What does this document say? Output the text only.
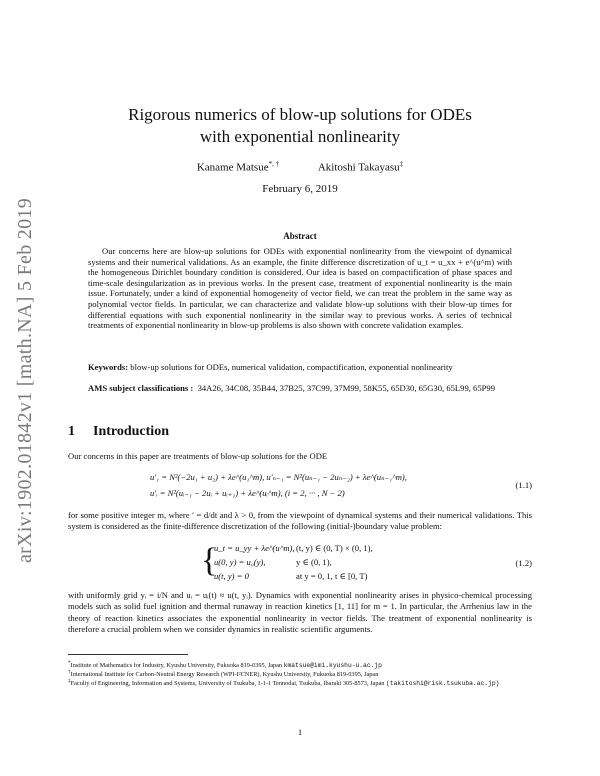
arXiv:1902.01842v1 [math.NA] 5 Feb 2019
Rigorous numerics of blow-up solutions for ODEs
with exponential nonlinearity
Kaname Matsue*, †	Akitoshi Takayasu‡
February 6, 2019
Abstract
Our concerns here are blow-up solutions for ODEs with exponential nonlinearity from the viewpoint of dynamical systems and their numerical validations. As an example, the finite difference discretization of u_t = u_xx + e^(u^m) with the homogeneous Dirichlet boundary condition is considered. Our idea is based on compactification of phase spaces and time-scale desingularization as in previous works. In the present case, treatment of exponential nonlinearity is the main issue. Fortunately, under a kind of exponential homogeneity of vector field, we can treat the problem in the same way as polynomial vector fields. In particular, we can characterize and validate blow-up solutions with their blow-up times for differential equations with such exponential nonlinearity in the similar way to previous works. A series of technical treatments of exponential nonlinearity in blow-up problems is also shown with concrete validation examples.
Keywords: blow-up solutions for ODEs, numerical validation, compactification, exponential nonlinearity
AMS subject classifications : 34A26, 34C08, 35B44, 37B25, 37C99, 37M99, 58K55, 65D30, 65G30, 65L99, 65P99
1 Introduction
Our concerns in this paper are treatments of blow-up solutions for the ODE
u'₁ = N²(−2u₁ + u₂) + λe^(u₁^m), u'ₙ₋₁ = N²(uₙ₋₁ − 2uₙ₋₂) + λe^(uₙ₋₁^m),
u'ᵢ = N²(uᵢ₋₁ − 2uᵢ + uᵢ₊₁) + λe^(uᵢ^m), (i = 2, ··· , N − 2)
(1.1)
for some positive integer m, where ′ = d/dt and λ > 0, from the viewpoint of dynamical systems and their numerical validations. This system is considered as the finite-difference discretization of the following (initial-)boundary value problem:
{
u_t = u_yy + λe^(u^m), (t, y) ∈ (0, T) × (0, 1),
u(0, y) = u₀(y),	y ∈ (0, 1),
u(t, y) = 0	at y = 0, 1, t ∈ [0, T)
(1.2)
with uniformly grid yᵢ = i/N and uᵢ = uᵢ(t) ≈ u(t, yᵢ). Dynamics with exponential nonlinearity arises in physico-chemical processing models such as solid fuel ignition and thermal runaway in reaction kinetics [1, 11] for m = 1. In particular, the Arrhenius law in the theory of reaction kinetics associates the exponential nonlinearity in vector fields. The treatment of exponential nonlinearity is therefore a crucial problem when we consider dynamics in realistic scientific arguments.
*Institute of Mathematics for Industry, Kyushu University, Fukuoka 819-0395, Japan kmatsue@imi.kyushu-u.ac.jp
†International Institute for Carbon-Neutral Energy Research (WPI-I²CNER), Kyushu University, Fukuoka 819-0395, Japan
‡Faculty of Engineering, Information and Systems, University of Tsukuba, 1-1-1 Tennodai, Tsukuba, Ibaraki 305-8573, Japan (takitoshi@risk.tsukuba.ac.jp)
1
